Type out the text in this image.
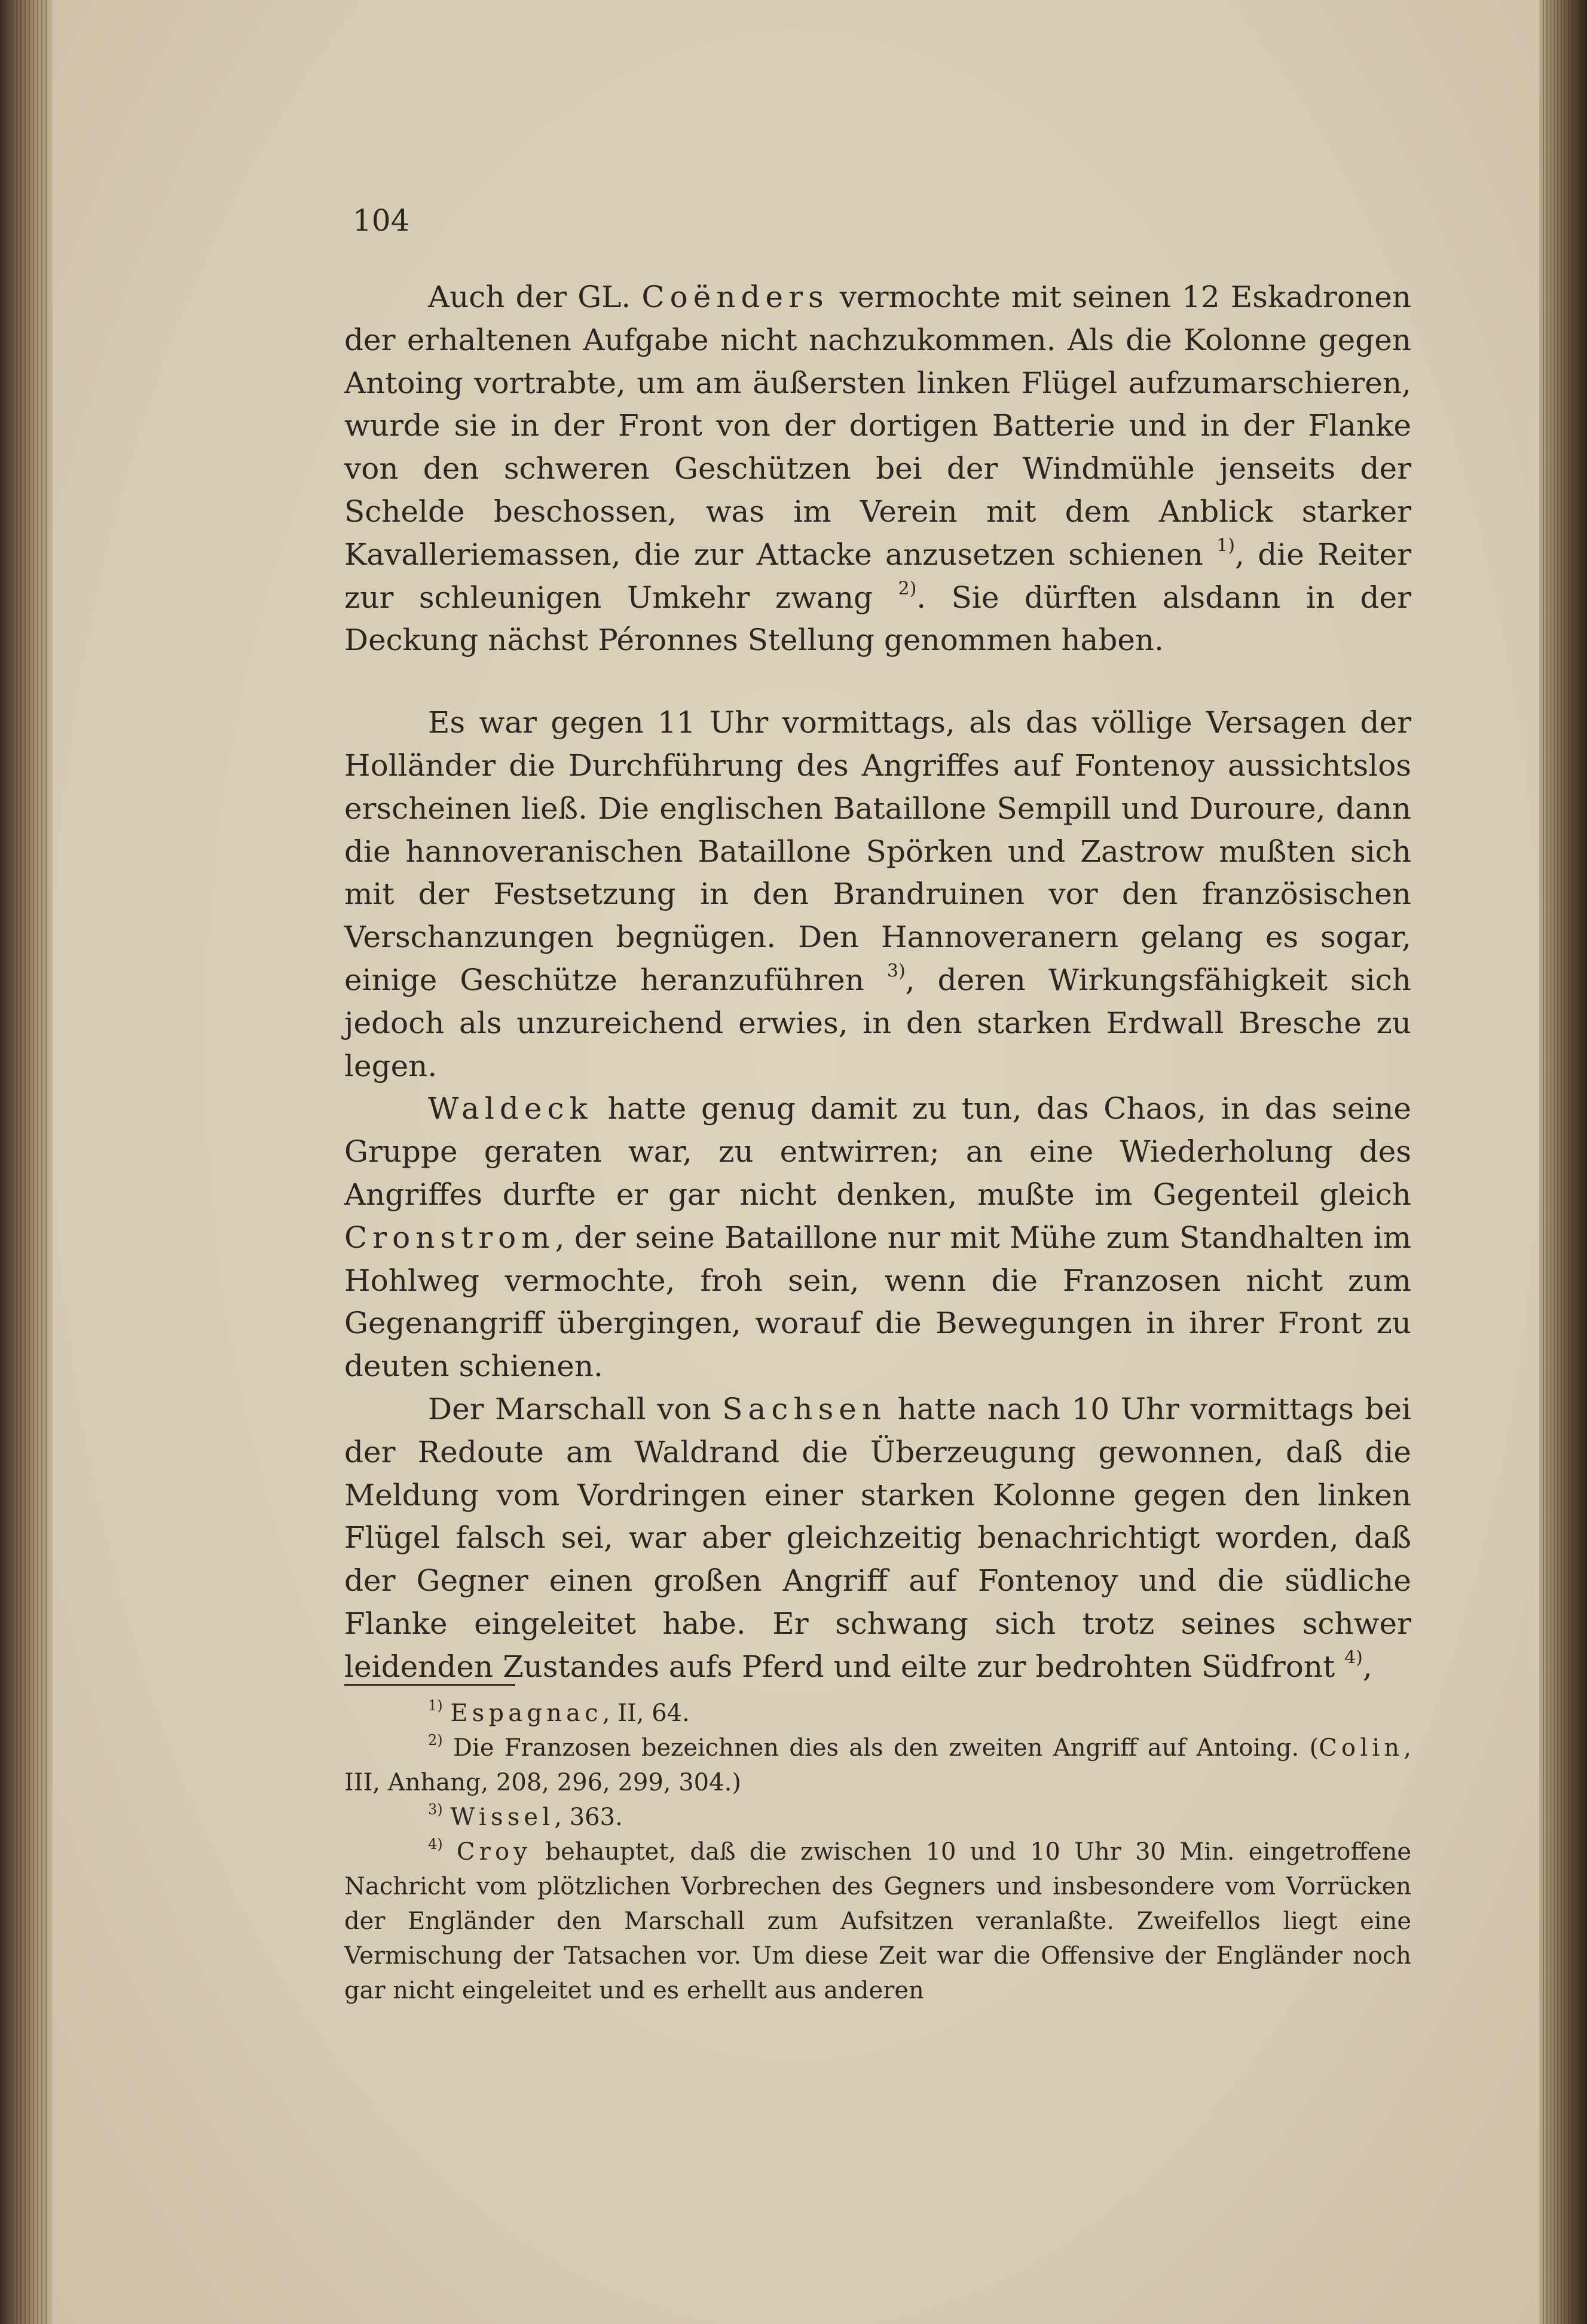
104

Auch der GL. Coënders vermochte mit seinen 12 Eskadronen der erhaltenen Aufgabe nicht nachzukommen. Als die Kolonne gegen Antoing vortrabte, um am äußersten linken Flügel aufzumarschieren, wurde sie in der Front von der dortigen Batterie und in der Flanke von den schweren Geschützen bei der Windmühle jenseits der Schelde beschossen, was im Verein mit dem Anblick starker Kavalleriemassen, die zur Attacke anzusetzen schienen $^{1)}$, die Reiter zur schleunigen Umkehr zwang $^{2)}$. Sie dürften alsdann in der Deckung nächst Péronnes Stellung genommen haben.

Es war gegen 11 Uhr vormittags, als das völlige Versagen der Holländer die Durchführung des Angriffes auf Fontenoy aussichtslos erscheinen ließ. Die englischen Bataillone Sempill und Duroure, dann die hannoveranischen Bataillone Spörken und Zastrow mußten sich mit der Festsetzung in den Brandruinen vor den französischen Verschanzungen begnügen. Den Hannoveranern gelang es sogar, einige Geschütze heranzuführen $^{3)}$, deren Wirkungsfähigkeit sich jedoch als unzureichend erwies, in den starken Erdwall Bresche zu legen.

Waldeck hatte genug damit zu tun, das Chaos, in das seine Gruppe geraten war, zu entwirren; an eine Wiederholung des Angriffes durfte er gar nicht denken, mußte im Gegenteil gleich Cronstrom, der seine Bataillone nur mit Mühe zum Standhalten im Hohlweg vermochte, froh sein, wenn die Franzosen nicht zum Gegenangriff übergingen, worauf die Bewegungen in ihrer Front zu deuten schienen.

Der Marschall von Sachsen hatte nach 10 Uhr vormittags bei der Redoute am Waldrand die Überzeugung gewonnen, daß die Meldung vom Vordringen einer starken Kolonne gegen den linken Flügel falsch sei, war aber gleichzeitig benachrichtigt worden, daß der Gegner einen großen Angriff auf Fontenoy und die südliche Flanke eingeleitet habe. Er schwang sich trotz seines schwer leidenden Zustandes aufs Pferd und eilte zur bedrohten Südfront $^{4)}$,

$^{1)}$ Espagnac, II, 64.

$^{2)}$ Die Franzosen bezeichnen dies als den zweiten Angriff auf Antoing. (Colin, III, Anhang, 208, 296, 299, 304.)

$^{3)}$ Wissel, 363.

$^{4)}$ Croy behauptet, daß die zwischen 10 und 10 Uhr 30 Min. eingetroffene Nachricht vom plötzlichen Vorbrechen des Gegners und insbesondere vom Vorrücken der Engländer den Marschall zum Aufsitzen veranlaßte. Zweifellos liegt eine Vermischung der Tatsachen vor. Um diese Zeit war die Offensive der Engländer noch gar nicht eingeleitet und es erhellt aus anderen
